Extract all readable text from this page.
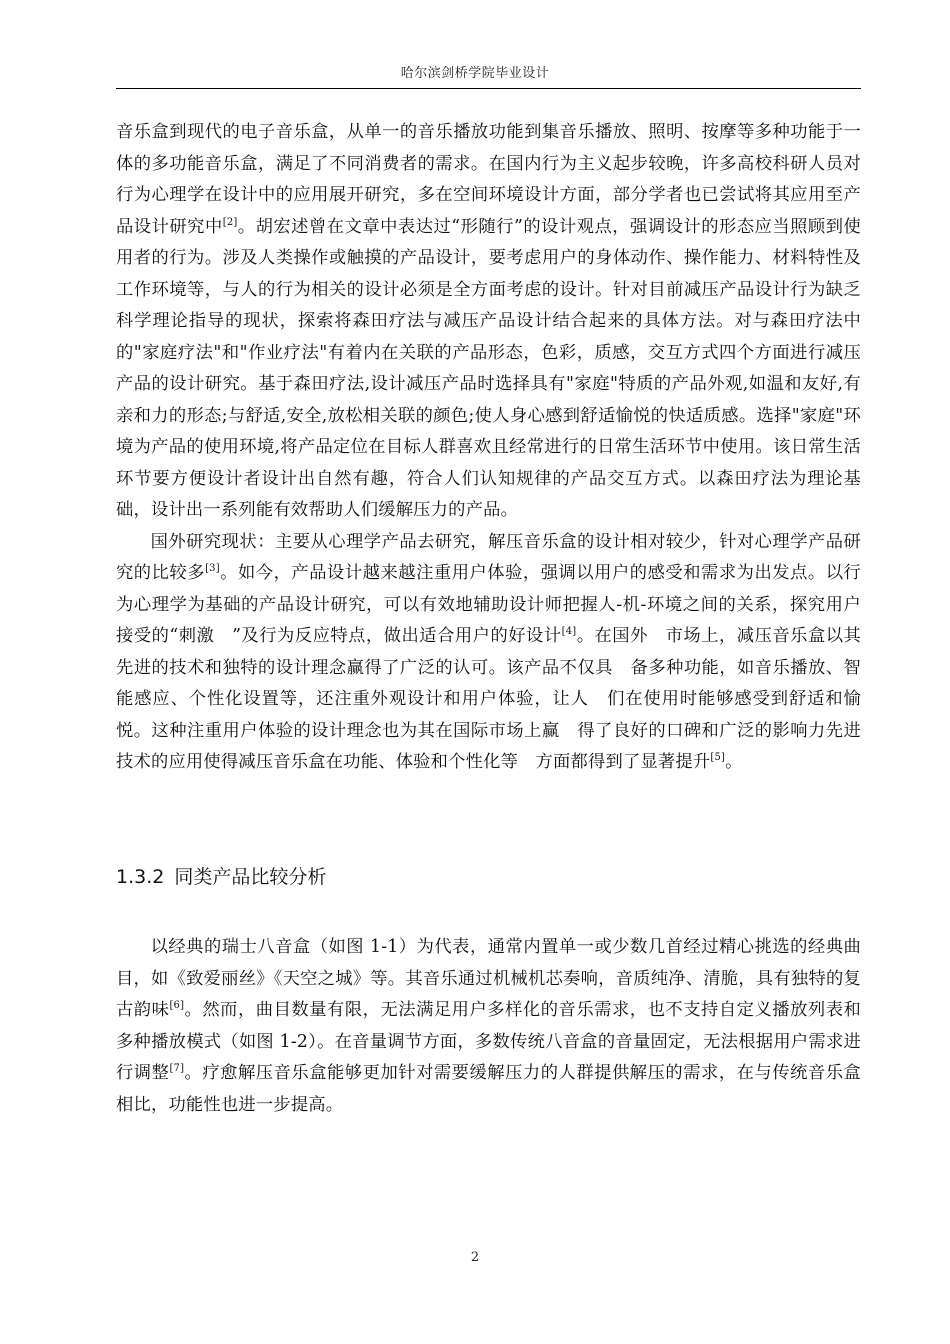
哈尔滨剑桥学院毕业设计

音乐盒到现代的电子音乐盒，从单一的音乐播放功能到集音乐播放、照明、按摩等多种功能于一体的多功能音乐盒，满足了不同消费者的需求。在国内行为主义起步较晚，许多高校科研人员对行为心理学在设计中的应用展开研究，多在空间环境设计方面，部分学者也已尝试将其应用至产品设计研究中[2]。胡宏述曾在文章中表达过“形随行”的设计观点，强调设计的形态应当照顾到使用者的行为。涉及人类操作或触摸的产品设计，要考虑用户的身体动作、操作能力、材料特性及工作环境等，与人的行为相关的设计必须是全方面考虑的设计。针对目前减压产品设计行为缺乏科学理论指导的现状，探索将森田疗法与减压产品设计结合起来的具体方法。对与森田疗法中的"家庭疗法"和"作业疗法"有着内在关联的产品形态，色彩，质感，交互方式四个方面进行减压产品的设计研究。基于森田疗法,设计减压产品时选择具有"家庭"特质的产品外观,如温和友好,有亲和力的形态;与舒适,安全,放松相关联的颜色;使人身心感到舒适愉悦的快适质感。选择"家庭"环境为产品的使用环境,将产品定位在目标人群喜欢且经常进行的日常生活环节中使用。该日常生活环节要方便设计者设计出自然有趣，符合人们认知规律的产品交互方式。以森田疗法为理论基础，设计出一系列能有效帮助人们缓解压力的产品。

国外研究现状：主要从心理学产品去研究，解压音乐盒的设计相对较少，针对心理学产品研究的比较多[3]。如今，产品设计越来越注重用户体验，强调以用户的感受和需求为出发点。以行为心理学为基础的产品设计研究，可以有效地辅助设计师把握人-机-环境之间的关系，探究用户接受的“刺激　”及行为反应特点，做出适合用户的好设计[4]。在国外　市场上，减压音乐盒以其先进的技术和独特的设计理念赢得了广泛的认可。该产品不仅具　备多种功能，如音乐播放、智能感应、个性化设置等，还注重外观设计和用户体验，让人　们在使用时能够感受到舒适和愉悦。这种注重用户体验的设计理念也为其在国际市场上赢　得了良好的口碑和广泛的影响力先进技术的应用使得减压音乐盒在功能、体验和个性化等　方面都得到了显著提升[5]。

1.3.2 同类产品比较分析

以经典的瑞士八音盒（如图 1-1）为代表，通常内置单一或少数几首经过精心挑选的经典曲目，如《致爱丽丝》《天空之城》等。其音乐通过机械机芯奏响，音质纯净、清脆，具有独特的复古韵味[6]。然而，曲目数量有限，无法满足用户多样化的音乐需求，也不支持自定义播放列表和多种播放模式（如图 1-2）。在音量调节方面，多数传统八音盒的音量固定，无法根据用户需求进行调整[7]。疗愈解压音乐盒能够更加针对需要缓解压力的人群提供解压的需求，在与传统音乐盒相比，功能性也进一步提高。

2
